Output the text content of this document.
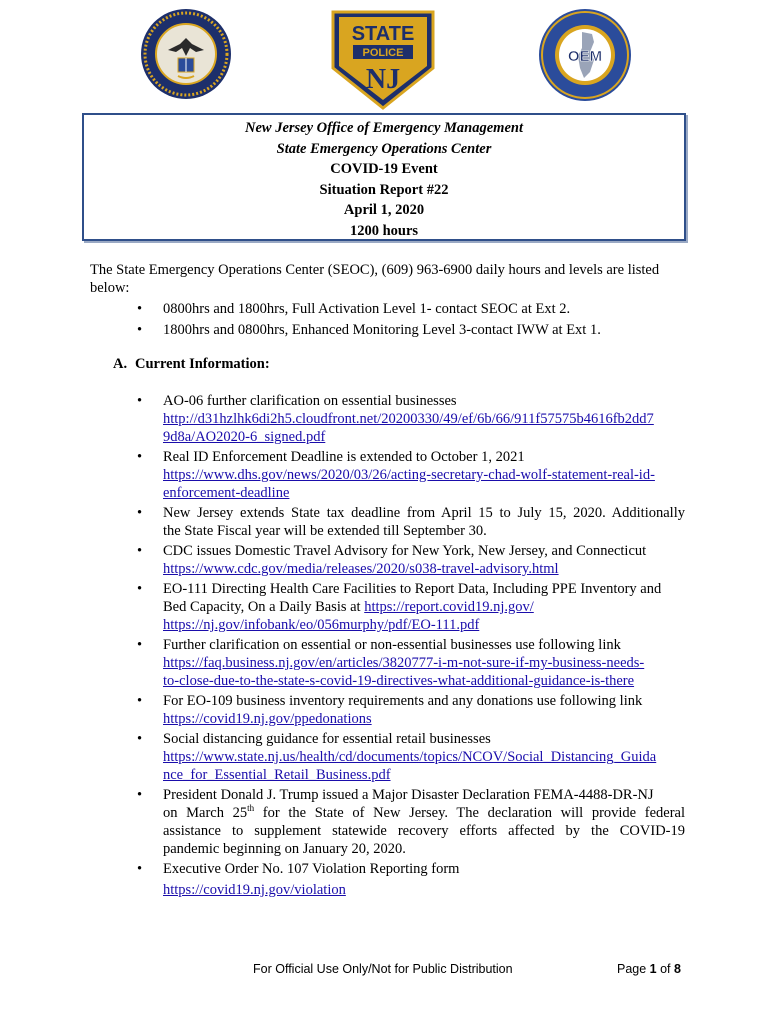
STATE
POLICE
NJ
OEM
New Jersey Office of Emergency Management
State Emergency Operations Center
COVID-19 Event
Situation Report #22
April 1, 2020
1200 hours
The State Emergency Operations Center (SEOC), (609) 963-6900 daily hours and levels are listed
below:
• 0800hrs and 1800hrs, Full Activation Level 1- contact SEOC at Ext 2.
• 1800hrs and 0800hrs, Enhanced Monitoring Level 3-contact IWW at Ext 1.
A. Current Information:
• AO-06 further clarification on essential businesses
http://d31hzlhk6di2h5.cloudfront.net/20200330/49/ef/6b/66/911f57575b4616fb2dd7
9d8a/AO2020-6_signed.pdf
• Real ID Enforcement Deadline is extended to October 1, 2021
https://www.dhs.gov/news/2020/03/26/acting-secretary-chad-wolf-statement-real-id-
enforcement-deadline
• New Jersey extends State tax deadline from April 15 to July 15, 2020. Additionally
the State Fiscal year will be extended till September 30.
• CDC issues Domestic Travel Advisory for New York, New Jersey, and Connecticut
https://www.cdc.gov/media/releases/2020/s038-travel-advisory.html
• EO-111 Directing Health Care Facilities to Report Data, Including PPE Inventory and
Bed Capacity, On a Daily Basis at https://report.covid19.nj.gov/
https://nj.gov/infobank/eo/056murphy/pdf/EO-111.pdf
• Further clarification on essential or non-essential businesses use following link
https://faq.business.nj.gov/en/articles/3820777-i-m-not-sure-if-my-business-needs-
to-close-due-to-the-state-s-covid-19-directives-what-additional-guidance-is-there
• For EO-109 business inventory requirements and any donations use following link
https://covid19.nj.gov/ppedonations
• Social distancing guidance for essential retail businesses
https://www.state.nj.us/health/cd/documents/topics/NCOV/Social_Distancing_Guida
nce_for_Essential_Retail_Business.pdf
• President Donald J. Trump issued a Major Disaster Declaration FEMA-4488-DR-NJ
on March 25th for the State of New Jersey. The declaration will provide federal
assistance to supplement statewide recovery efforts affected by the COVID-19
pandemic beginning on January 20, 2020.
• Executive Order No. 107 Violation Reporting form
https://covid19.nj.gov/violation
For Official Use Only/Not for Public Distribution	Page 1 of 8
